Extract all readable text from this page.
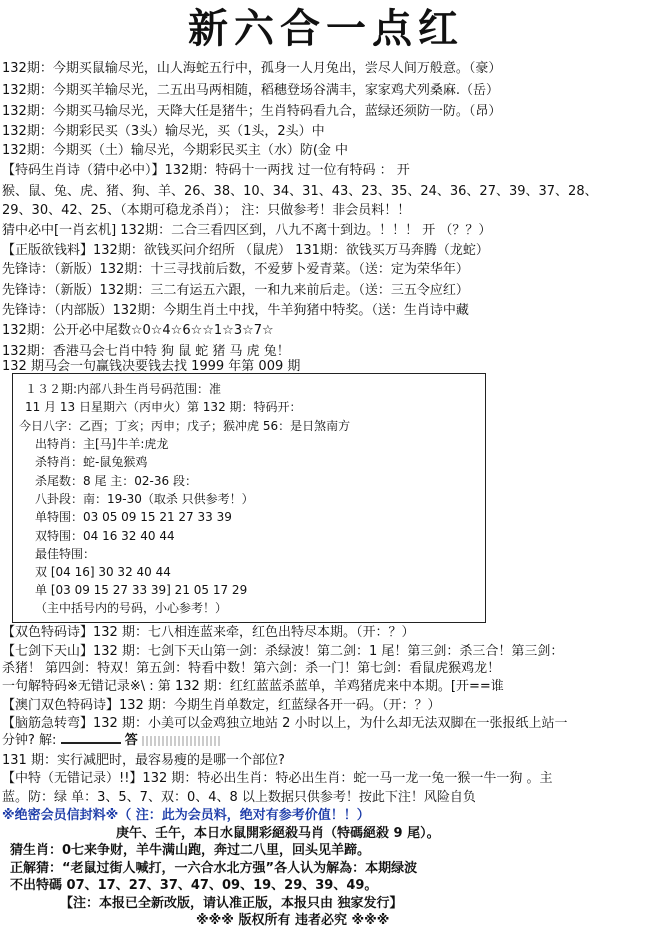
新六合一点红
132期：今期买鼠输尽光，山人海蛇五行中，孤身一人月兔出，尝尽人间万般意。（豪）
132期：今期买羊输尽光，二五出马两相随，稻穗登场谷满丰，家家鸡犬列桑麻.（岳）
132期：今期买马输尽光，天降大任是猪牛；生肖特码看九合，蓝绿还须防一防。（昂）
132期：今期彩民买（3头）输尽光，买（1头，2头）中
132期：今期买（土）输尽光，今期彩民买主（水）防(金 中
【特码生肖诗（猜中必中）】132期：特码十一两找 过一位有特码 ： 开
猴、鼠、兔、虎、猪、狗、羊、26、38、10、34、31、43、23、35、24、36、27、39、37、28、
29、30、42、25、（本期可稳龙杀肖）； 注：只做参考！非会员料！！
猜中必中[一肖玄机] 132期：二合三看四区到，八九不离十到边。！！！ 开 （？？）
【正版欲钱料】132期：欲钱买问介绍所 （鼠虎） 131期：欲钱买万马奔腾（龙蛇）
先锋诗：（新版）132期：十三寻找前后数，不爱萝卜爱青菜。（送：定为荣华年）
先锋诗：（新版）132期：三二有运五六跟，一和九来前后走。（送：三五令应红）
先锋诗：（内部版）132期：今期生肖土中找，牛羊狗猪中特奖。（送：生肖诗中藏
132期：公开必中尾数☆0☆4☆6☆☆1☆3☆7☆
132期：香港马会七肖中特 狗 鼠 蛇 猪 马 虎 兔！
132 期马会一句赢钱决要钱去找 1999 年第 009 期
１３２期:内部八卦生肖号码范围：准
11 月 13 日星期六（丙申火）第 132 期：特码开：
今日八字：乙酉；丁亥；丙申；戊子；猴冲虎 56：是日煞南方
出特肖：主[马]牛羊:虎龙
杀特肖：蛇-鼠兔猴鸡
杀尾数：8 尾 主：02-36 段：
八卦段：南：19-30（取杀 只供参考！）
单特围：03 05 09 15 21 27 33 39
双特围：04 16 32 40 44
最佳特围：
双 [04 16] 30 32 40 44
单 [03 09 15 27 33 39] 21 05 17 29
（主中括号内的号码，小心参考！）
【双色特码诗】132 期：七八相连蓝来牵，红色出特尽本期。（开：？）
【七剑下天山】132 期：七剑下天山第一剑：杀绿波！第二剑：1 尾！第三剑：杀三合！第三剑：
杀猪！ 第四剑：特双！第五剑：特看中数！第六剑：杀一门！第七剑：看鼠虎猴鸡龙！
一句解特码※无错记录※\ : 第 132 期：红红蓝蓝杀蓝单，羊鸡猪虎来中本期。[开==谁
【澳门双色特码诗】132 期：今期生肖单数定，红蓝绿各开一码。（开：？）
【脑筋急转弯】132 期：小美可以金鸡独立地站 2 小时以上，为什么却无法双脚在一张报纸上站一
分钟? 解:	答
131 期：实行减肥时，最容易瘦的是哪一个部位?
【中特（无错记录）!!】132 期：特必出生肖：特必出生肖：蛇一马一龙一兔一猴一牛一狗 。主
蓝。防：绿 单：3、5、7、双：0、4、8 以上数据只供参考！按此下注！风险自负
※绝密会员信封料※（ 注：此为会员料，绝对有参考价值！！）
庚午、壬午，本日水鼠開彩絕殺马肖（特碼絕殺 9 尾）。
猜生肖：0七来争财，羊牛满山跑，奔过二八里，回头见羊蹄。
正解猜：“老鼠过街人喊打，一六合水北方强”各人认为解為：本期绿波
不出特碼 07、17、27、37、47、09、19、29、39、49。
【注：本报已全新改版，请认准正版，本报只由 独家发行】
※※※ 版权所有 违者必究 ※※※
